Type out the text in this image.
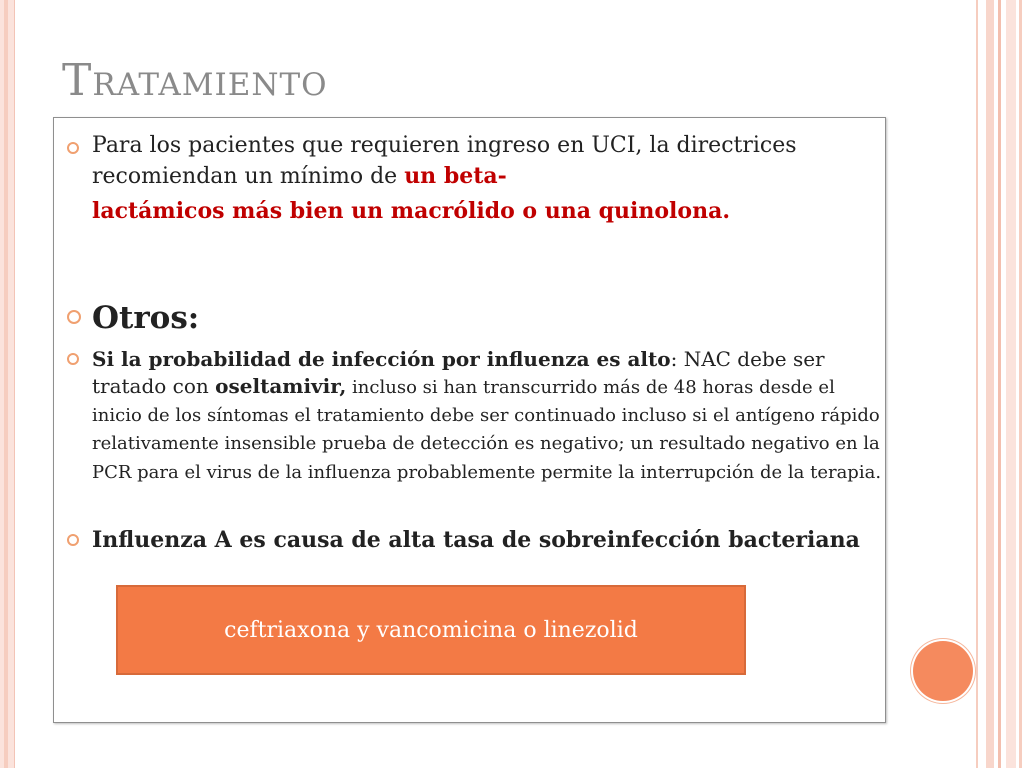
Tratamiento
Para los pacientes que requieren ingreso en UCI, la directrices recomiendan un mínimo de un beta-
lactámicos más bien un macrólido o una quinolona.
Otros:
Si la probabilidad de infección por influenza es alto: NAC debe ser tratado con oseltamivir, incluso si han transcurrido más de 48 horas desde el inicio de los síntomas el tratamiento debe ser continuado incluso si el antígeno rápido relativamente insensible prueba de detección es negativo; un resultado negativo en la PCR para el virus de la influenza probablemente permite la interrupción de la terapia.
Influenza A es causa de alta tasa de sobreinfección bacteriana
ceftriaxona y vancomicina o linezolid
